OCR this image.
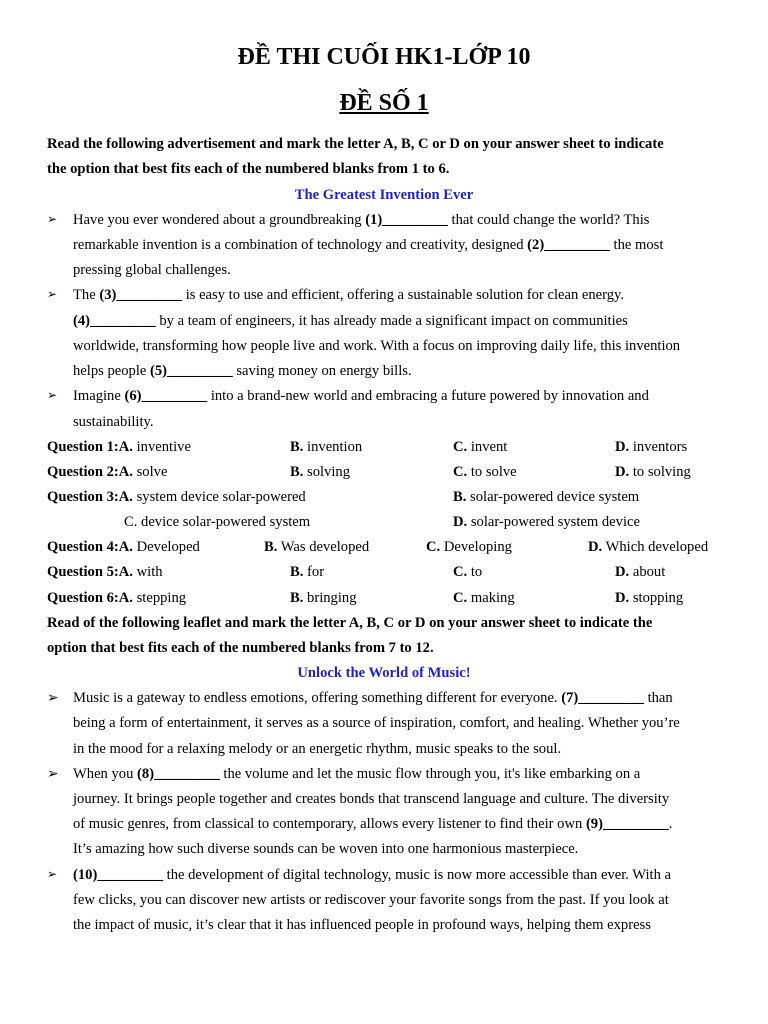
ĐỀ THI CUỐI HK1-LỚP 10
ĐỀ SỐ 1
Read the following advertisement and mark the letter A, B, C or D on your answer sheet to indicate
the option that best fits each of the numbered blanks from 1 to 6.
The Greatest Invention Ever
➢ Have you ever wondered about a groundbreaking (1)_________ that could change the world? This
remarkable invention is a combination of technology and creativity, designed (2)_________ the most
pressing global challenges.
➢ The (3)_________ is easy to use and efficient, offering a sustainable solution for clean energy.
(4)_________ by a team of engineers, it has already made a significant impact on communities
worldwide, transforming how people live and work. With a focus on improving daily life, this invention
helps people (5)_________ saving money on energy bills.
➢ Imagine (6)_________ into a brand-new world and embracing a future powered by innovation and
sustainability.
Question 1:A. inventive	B. invention	C. invent	D. inventors
Question 2:A. solve	B. solving	C. to solve	D. to solving
Question 3:A. system device solar-powered	B. solar-powered device system
C. device solar-powered system	D. solar-powered system device
Question 4:A. Developed	B. Was developed	C. Developing	D. Which developed
Question 5:A. with	B. for	C. to	D. about
Question 6:A. stepping	B. bringing	C. making	D. stopping
Read of the following leaflet and mark the letter A, B, C or D on your answer sheet to indicate the
option that best fits each of the numbered blanks from 7 to 12.
Unlock the World of Music!
➢ Music is a gateway to endless emotions, offering something different for everyone. (7)_________ than
being a form of entertainment, it serves as a source of inspiration, comfort, and healing. Whether you’re
in the mood for a relaxing melody or an energetic rhythm, music speaks to the soul.
➢ When you (8)_________ the volume and let the music flow through you, it's like embarking on a
journey. It brings people together and creates bonds that transcend language and culture. The diversity
of music genres, from classical to contemporary, allows every listener to find their own (9)_________.
It’s amazing how such diverse sounds can be woven into one harmonious masterpiece.
➢ (10)_________ the development of digital technology, music is now more accessible than ever. With a
few clicks, you can discover new artists or rediscover your favorite songs from the past. If you look at
the impact of music, it’s clear that it has influenced people in profound ways, helping them express
